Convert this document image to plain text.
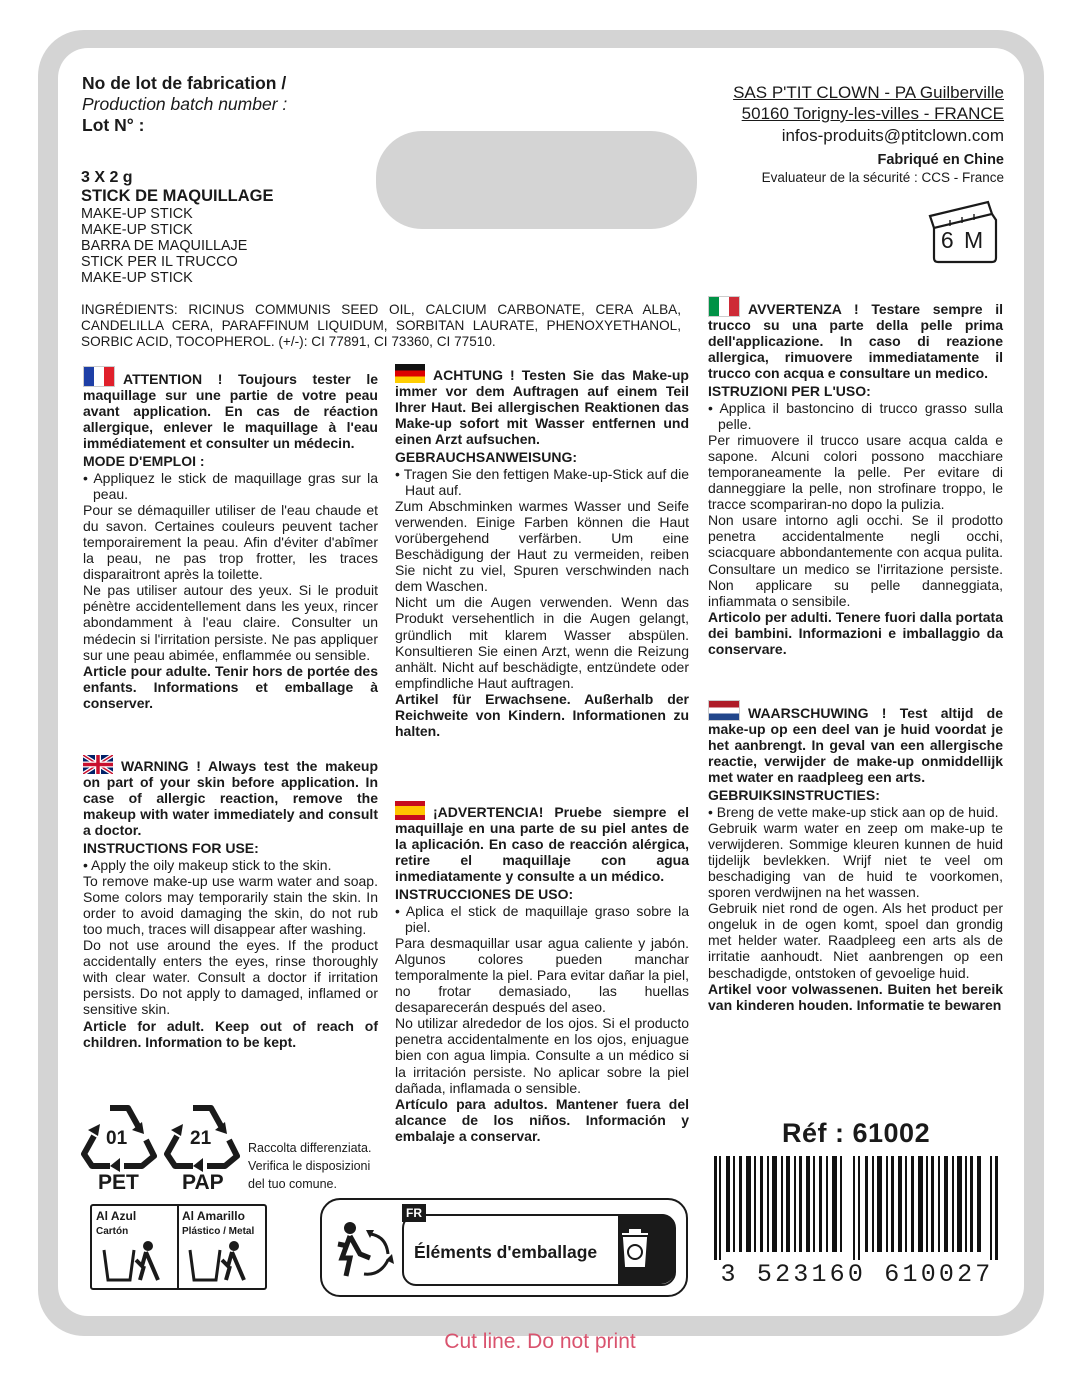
No de lot de fabrication /
Production batch number :
Lot N° :
3 X 2 g
STICK DE MAQUILLAGE
MAKE-UP STICK
MAKE-UP STICK
BARRA DE MAQUILLAJE
STICK PER IL TRUCCO
MAKE-UP STICK
SAS P'TIT CLOWN - PA Guilberville
50160 Torigny-les-villes - FRANCE
infos-produits@ptitclown.com
Fabriqué en Chine
Evaluateur de la sécurité : CCS - France
6 M
INGRÉDIENTS: RICINUS COMMUNIS SEED OIL, CALCIUM CARBONATE, CERA ALBA, CANDELILLA CERA, PARAFFINUM LIQUIDUM, SORBITAN LAURATE, PHENOXYETHANOL, SORBIC ACID, TOCOPHEROL. (+/-): CI 77891, CI 73360, CI 77510.

ATTENTION ! Toujours tester le maquillage sur une partie de votre peau avant application. En cas de réaction allergique, enlever le maquillage à l'eau immédiatement et consulter un médecin.

MODE D'EMPLOI :

• Appliquez le stick de maquillage gras sur la peau.

Pour se démaquiller utiliser de l'eau chaude et du savon. Certaines couleurs peuvent tacher temporairement la peau. Afin d'éviter d'abîmer la peau, ne pas trop frotter, les traces disparaitront après la toilette.

Ne pas utiliser autour des yeux. Si le produit pénètre accidentellement dans les yeux, rincer abondamment à l'eau claire. Consulter un médecin si l'irritation persiste. Ne pas appliquer sur une peau abimée, enflammée ou sensible.

Article pour adulte. Tenir hors de portée des enfants. Informations et emballage à conserver.

WARNING ! Always test the makeup on part of your skin before application. In case of allergic reaction, remove the makeup with water immediately and consult a doctor.

INSTRUCTIONS FOR USE:

• Apply the oily makeup stick to the skin.

To remove make-up use warm water and soap. Some colors may temporarily stain the skin. In order to avoid damaging the skin, do not rub too much, traces will disappear after washing.

Do not use around the eyes. If the product accidentally enters the eyes, rinse thoroughly with clear water. Consult a doctor if irritation persists. Do not apply to damaged, inflamed or sensitive skin.

Article for adult. Keep out of reach of children. Information to be kept.

ACHTUNG ! Testen Sie das Make-up immer vor dem Auftragen auf einem Teil Ihrer Haut. Bei allergischen Reaktionen das Make-up sofort mit Wasser entfernen und einen Arzt aufsuchen.

GEBRAUCHSANWEISUNG:

• Tragen Sie den fettigen Make-up-Stick auf die Haut auf.

Zum Abschminken warmes Wasser und Seife verwenden. Einige Farben können die Haut vorübergehend verfärben. Um eine Beschädigung der Haut zu vermeiden, reiben Sie nicht zu viel, Spuren verschwinden nach dem Waschen.

Nicht um die Augen verwenden. Wenn das Produkt versehentlich in die Augen gelangt, gründlich mit klarem Wasser abspülen. Konsultieren Sie einen Arzt, wenn die Reizung anhält. Nicht auf beschädigte, entzündete oder empfindliche Haut auftragen.

Artikel für Erwachsene. Außerhalb der Reichweite von Kindern. Informationen zu halten.

¡ADVERTENCIA! Pruebe siempre el maquillaje en una parte de su piel antes de la aplicación. En caso de reacción alérgica, retire el maquillaje con agua inmediatamente y consulte a un médico.

INSTRUCCIONES DE USO:

• Aplica el stick de maquillaje graso sobre la piel.

Para desmaquillar usar agua caliente y jabón. Algunos colores pueden manchar temporalmente la piel. Para evitar dañar la piel, no frotar demasiado, las huellas desaparecerán después del aseo.

No utilizar alrededor de los ojos. Si el producto penetra accidentalmente en los ojos, enjuague bien con agua limpia. Consulte a un médico si la irritación persiste. No aplicar sobre la piel dañada, inflamada o sensible.

Artículo para adultos. Mantener fuera del alcance de los niños. Información y embalaje a conservar.

AVVERTENZA ! Testare sempre il trucco su una parte della pelle prima dell'applicazione. In caso di reazione allergica, rimuovere immediatamente il trucco con acqua e consultare un medico.

ISTRUZIONI PER L'USO:

• Applica il bastoncino di trucco grasso sulla pelle.

Per rimuovere il trucco usare acqua calda e sapone. Alcuni colori possono macchiare temporaneamente la pelle. Per evitare di danneggiare la pelle, non strofinare troppo, le tracce scompariran-no dopo la pulizia.

Non usare intorno agli occhi. Se il prodotto penetra accidentalmente negli occhi, sciacquare abbondantemente con acqua pulita. Consultare un medico se l'irritazione persiste. Non applicare su pelle danneggiata, infiammata o sensibile.

Articolo per adulti. Tenere fuori dalla portata dei bambini. Informazioni e imballaggio da conservare.

WAARSCHUWING ! Test altijd de make-up op een deel van je huid voordat je het aanbrengt. In geval van een allergische reactie, verwijder de make-up onmiddellijk met water en raadpleeg een arts.

GEBRUIKSINSTRUCTIES:

• Breng de vette make-up stick aan op de huid.

Gebruik warm water en zeep om make-up te verwijderen. Sommige kleuren kunnen de huid tijdelijk bevlekken. Wrijf niet te veel om beschadiging van de huid te voorkomen, sporen verdwijnen na het wassen.

Gebruik niet rond de ogen. Als het product per ongeluk in de ogen komt, spoel dan grondig met helder water. Raadpleeg een arts als de irritatie aanhoudt. Niet aanbrengen op een beschadigde, ontstoken of gevoelige huid.

Artikel voor volwassenen. Buiten het bereik van kinderen houden. Informatie te bewaren

01
PET
21
PAP
Raccolta differenziata.
Verifica le disposizioni
del tuo comune.
Al Azul
Cartón
Al Amarillo
Plástico / Metal
FR
Éléments d'emballage
Réf : 61002
3 523160 610027
Cut line. Do not print
